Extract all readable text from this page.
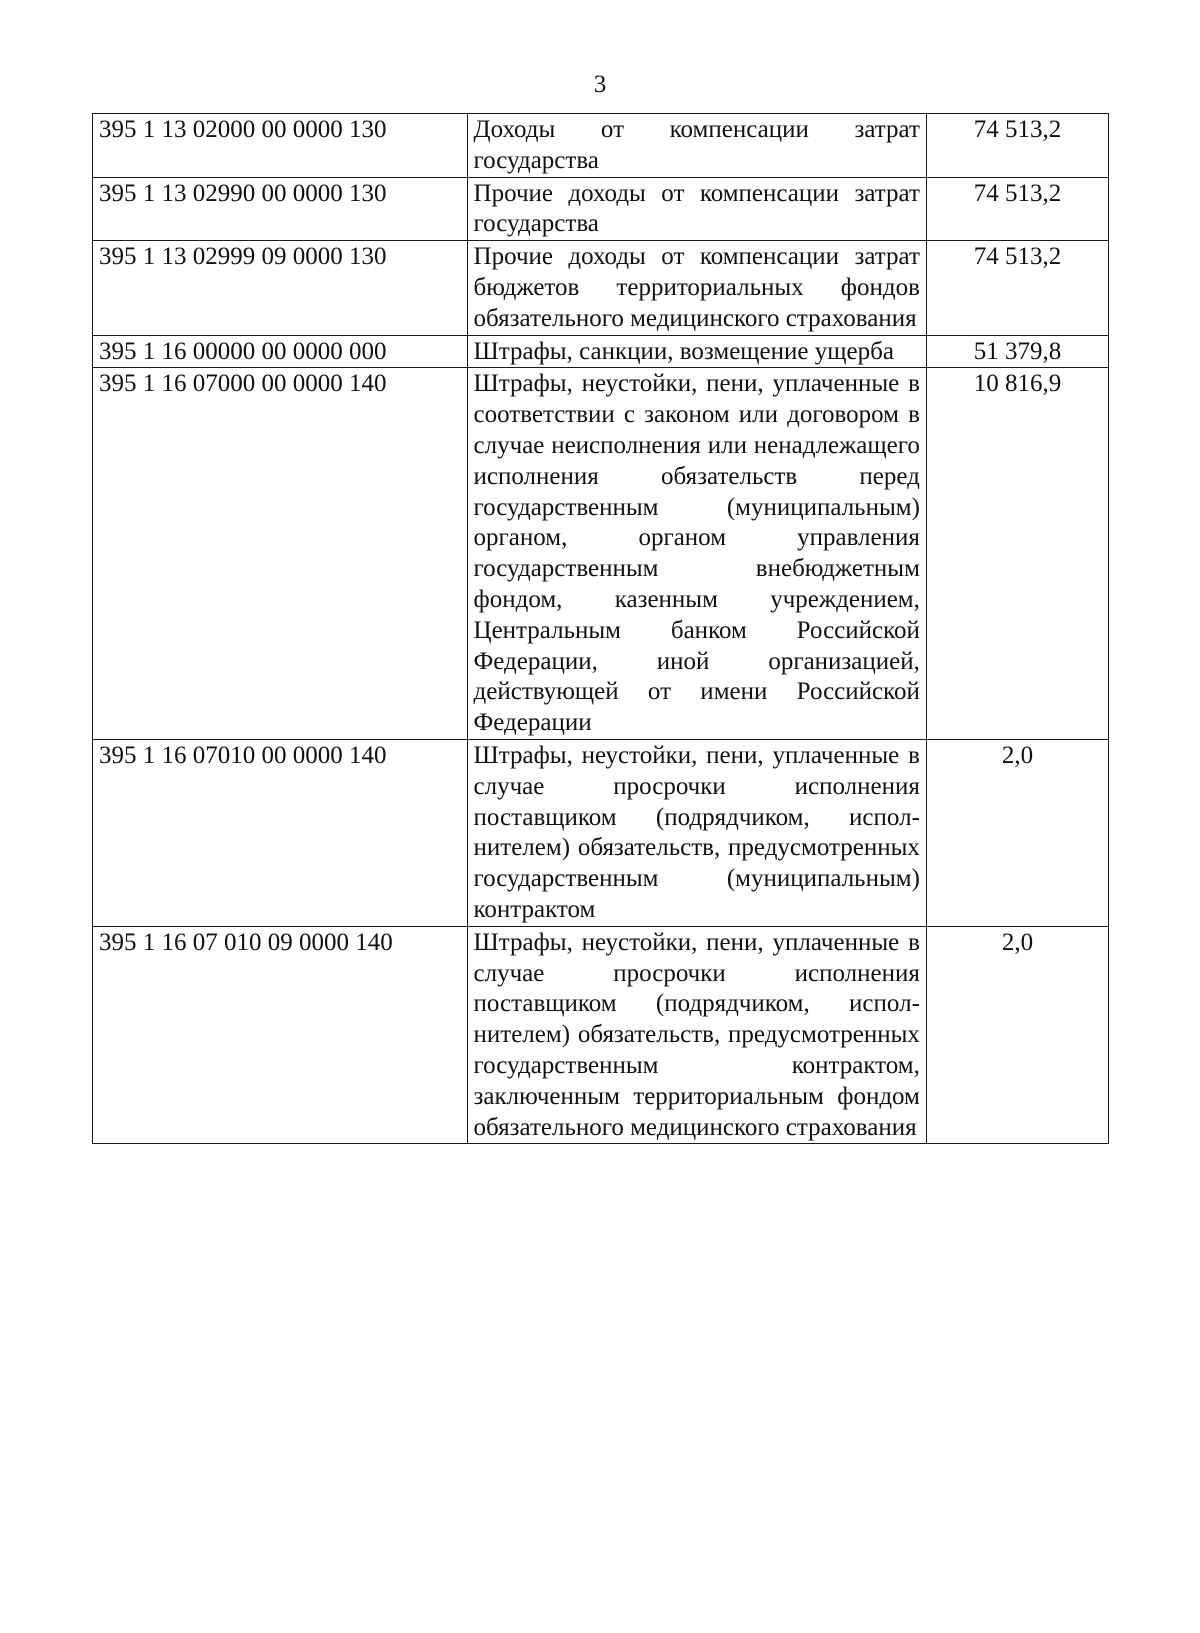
3
395 1 13 02000 00 0000 130	Доходы от компенсации затрат государства	74 513,2
395 1 13 02990 00 0000 130	Прочие доходы от компенсации затрат государства	74 513,2
395 1 13 02999 09 0000 130	Прочие доходы от компенсации затрат бюджетов территориальных фондов обязательного медицинского страхования	74 513,2
395 1 16 00000 00 0000 000	Штрафы, санкции, возмещение ущерба	51 379,8
395 1 16 07000 00 0000 140	Штрафы, неустойки, пени, уплаченные в соответствии с законом или договором в случае неисполнения или ненадлежащего исполнения обязательств перед государственным (муниципальным) органом, органом управления государственным внебюджетным фондом, казенным учреждением, Центральным банком Российской Федерации, иной организацией, действующей от имени Российской Федерации	10 816,9
395 1 16 07010 00 0000 140	Штрафы, неустойки, пени, уплаченные в случае просрочки исполнения поставщиком (подрядчиком, исполнителем) обязательств, предусмотренных государственным (муниципальным) контрактом	2,0
395 1 16 07 010 09 0000 140	Штрафы, неустойки, пени, уплаченные в случае просрочки исполнения поставщиком (подрядчиком, исполнителем) обязательств, предусмотренных государственным контрактом, заключенным территориальным фондом обязательного медицинского страхования	2,0
